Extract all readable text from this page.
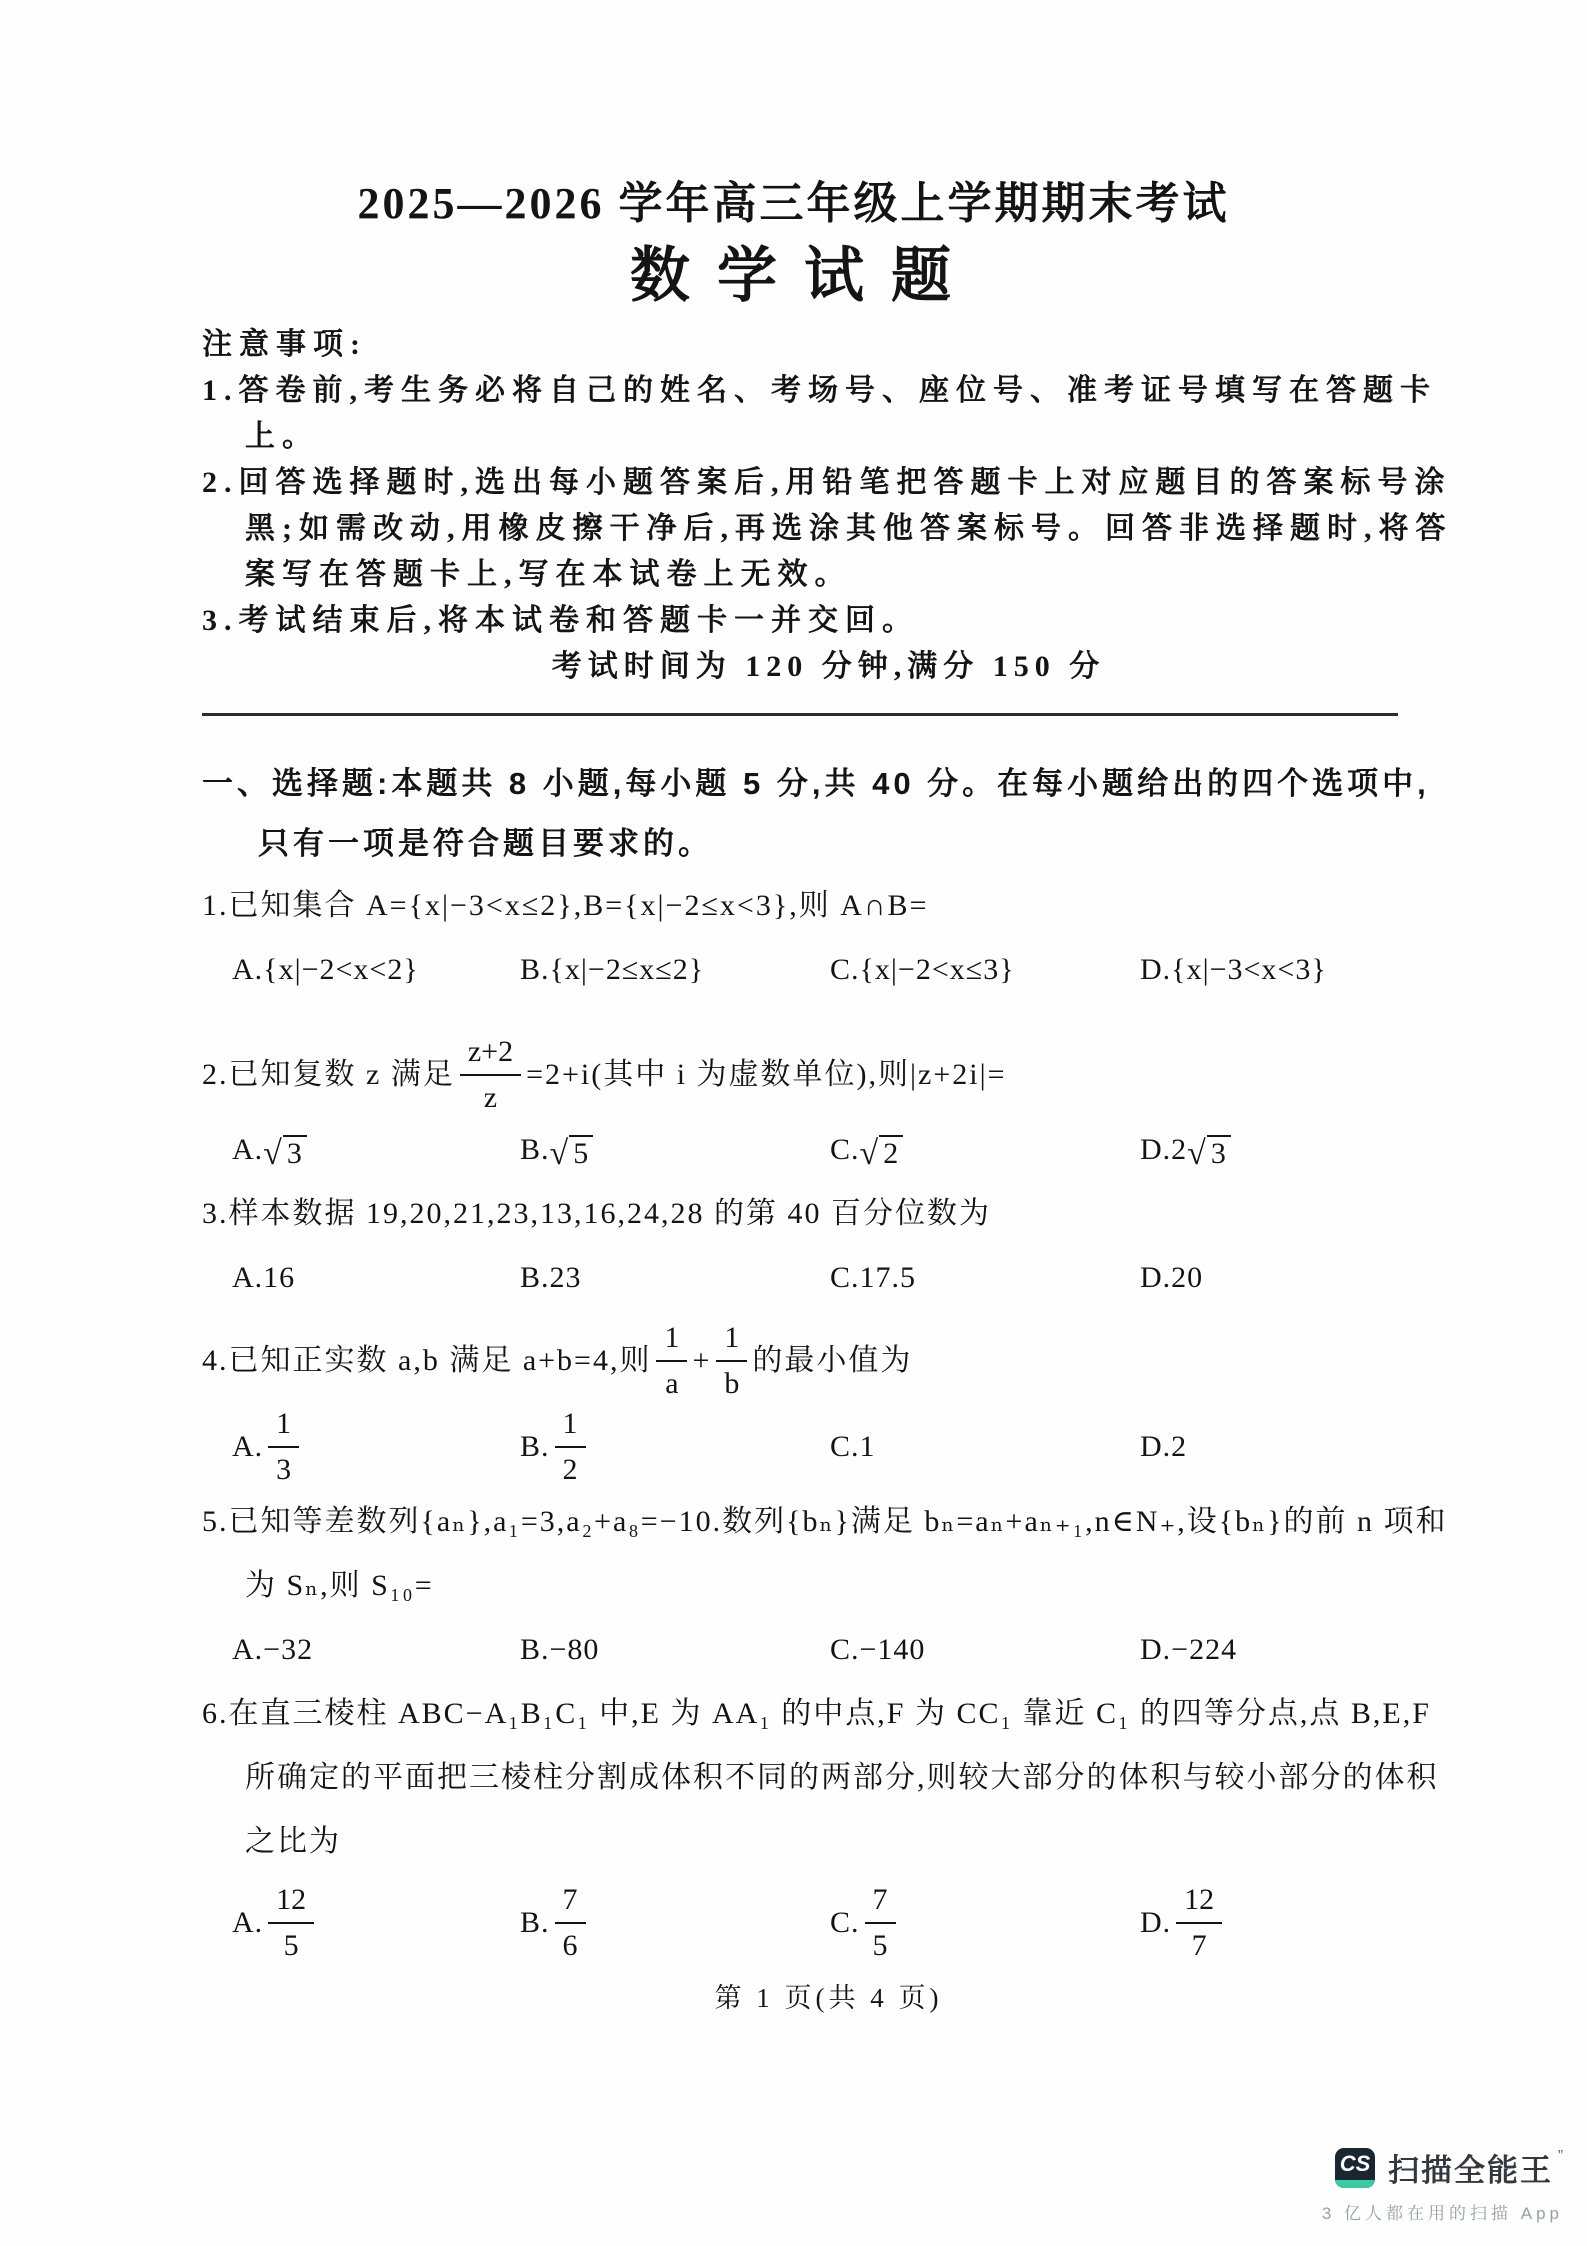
2025—2026 学年高三年级上学期期末考试
数 学 试 题

注意事项:

1.答卷前,考生务必将自己的姓名、考场号、座位号、准考证号填写在答题卡上。

2.回答选择题时,选出每小题答案后,用铅笔把答题卡上对应题目的答案标号涂黑;如需改动,用橡皮擦干净后,再选涂其他答案标号。回答非选择题时,将答案写在答题卡上,写在本试卷上无效。

3.考试结束后,将本试卷和答题卡一并交回。

考试时间为 120 分钟,满分 150 分

一、选择题:本题共 8 小题,每小题 5 分,共 40 分。在每小题给出的四个选项中,只有一项是符合题目要求的。

1.已知集合 A={x|−3<x≤2},B={x|−2≤x<3},则 A∩B=

A.{x|−2<x<2}	B.{x|−2≤x≤2}	C.{x|−2<x≤3}	D.{x|−3<x<3}

2.已知复数 z 满足 $\frac{z+2}{z} =2+i$(其中 i 为虚数单位),则|z+2i|=

A. √ 3	B. √ 5	C. √ 2	D.2 √ 3

3.样本数据 19,20,21,23,13,16,24,28 的第 40 百分位数为

A.16	B.23	C.17.5	D.20

4.已知正实数 a,b 满足 a+b=4,则 $\frac{1}{a} + \frac{1}{b}$ 的最小值为

A. $\frac{1}{3}$	B. $\frac{1}{2}$	C.1	D.2

5.已知等差数列{aₙ},a₁=3,a₂+a₈=−10.数列{bₙ}满足 bₙ=aₙ+aₙ₊₁,n∈N₊,设{bₙ}的前 n 项和为 Sₙ,则 S₁₀=

A.−32	B.−80	C.−140	D.−224

6.在直三棱柱 ABC−A₁B₁C₁ 中,E 为 AA₁ 的中点,F 为 CC₁ 靠近 C₁ 的四等分点,点 B,E,F 所确定的平面把三棱柱分割成体积不同的两部分,则较大部分的体积与较小部分的体积之比为

A. $\frac{12}{5}$	B. $\frac{7}{6}$	C. $\frac{7}{5}$	D. $\frac{12}{7}$

第 1 页(共 4 页)

CS 扫描全能王 ”
3 亿人都在用的扫描 App
